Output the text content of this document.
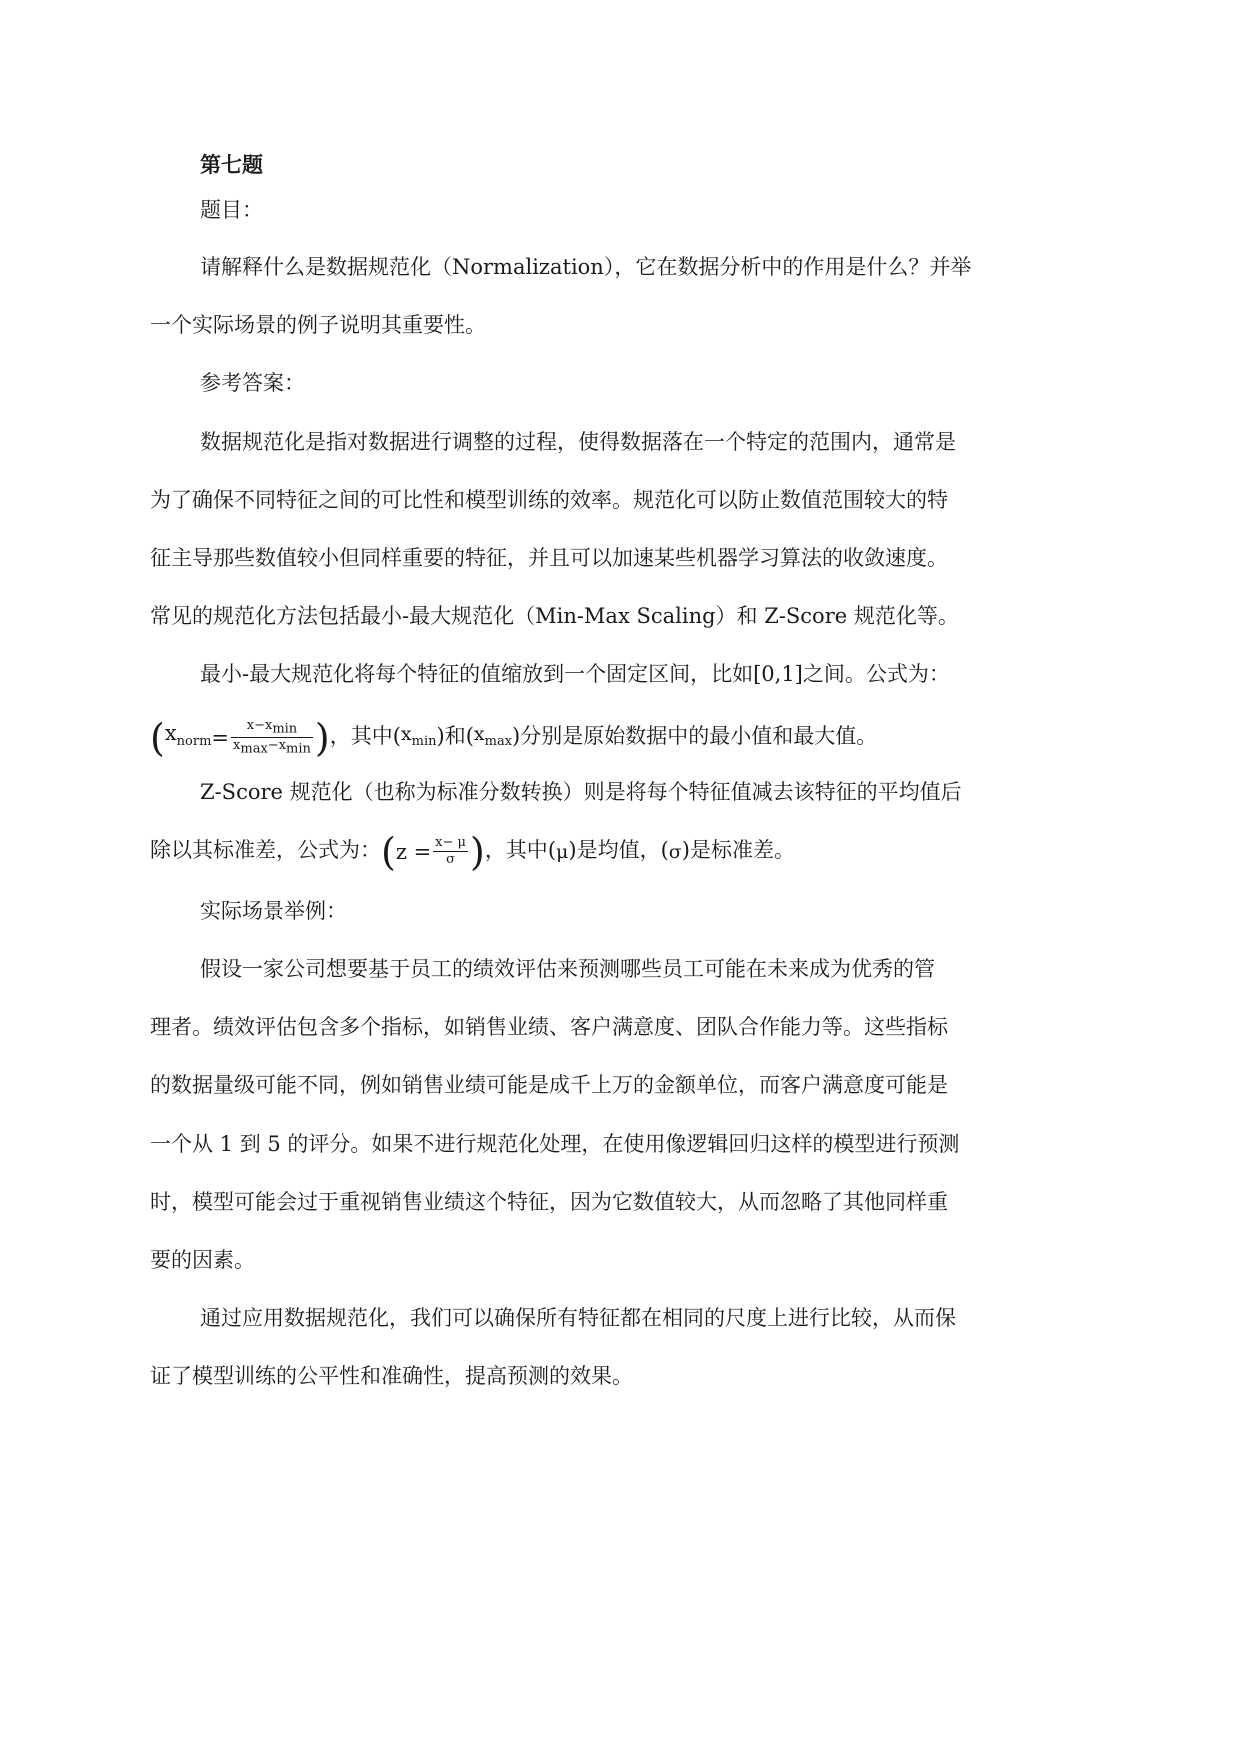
第七题
题目：
请解释什么是数据规范化（Normalization），它在数据分析中的作用是什么？并举
一个实际场景的例子说明其重要性。
参考答案：
数据规范化是指对数据进行调整的过程，使得数据落在一个特定的范围内，通常是
为了确保不同特征之间的可比性和模型训练的效率。规范化可以防止数值范围较大的特
征主导那些数值较小但同样重要的特征，并且可以加速某些机器学习算法的收敛速度。
常见的规范化方法包括最小-最大规范化（Min-Max Scaling）和 Z-Score 规范化等。
最小-最大规范化将每个特征的值缩放到一个固定区间，比如[0,1]之间。公式为：
($x_{norm}= \frac{x-x_{min}}{x_{max}-x_{min}}$ )，其中$(x_{min})$和$(x_{max})$分别是原始数据中的最小值和最大值。
Z-Score 规范化（也称为标准分数转换）则是将每个特征值减去该特征的平均值后
除以其标准差，公式为：($z = \frac{x- \mu}{\sigma}$ )，其中(μ)是均值，(σ)是标准差。
实际场景举例：
假设一家公司想要基于员工的绩效评估来预测哪些员工可能在未来成为优秀的管
理者。绩效评估包含多个指标，如销售业绩、客户满意度、团队合作能力等。这些指标
的数据量级可能不同，例如销售业绩可能是成千上万的金额单位，而客户满意度可能是
一个从 1 到 5 的评分。如果不进行规范化处理，在使用像逻辑回归这样的模型进行预测
时，模型可能会过于重视销售业绩这个特征，因为它数值较大，从而忽略了其他同样重
要的因素。
通过应用数据规范化，我们可以确保所有特征都在相同的尺度上进行比较，从而保
证了模型训练的公平性和准确性，提高预测的效果。
